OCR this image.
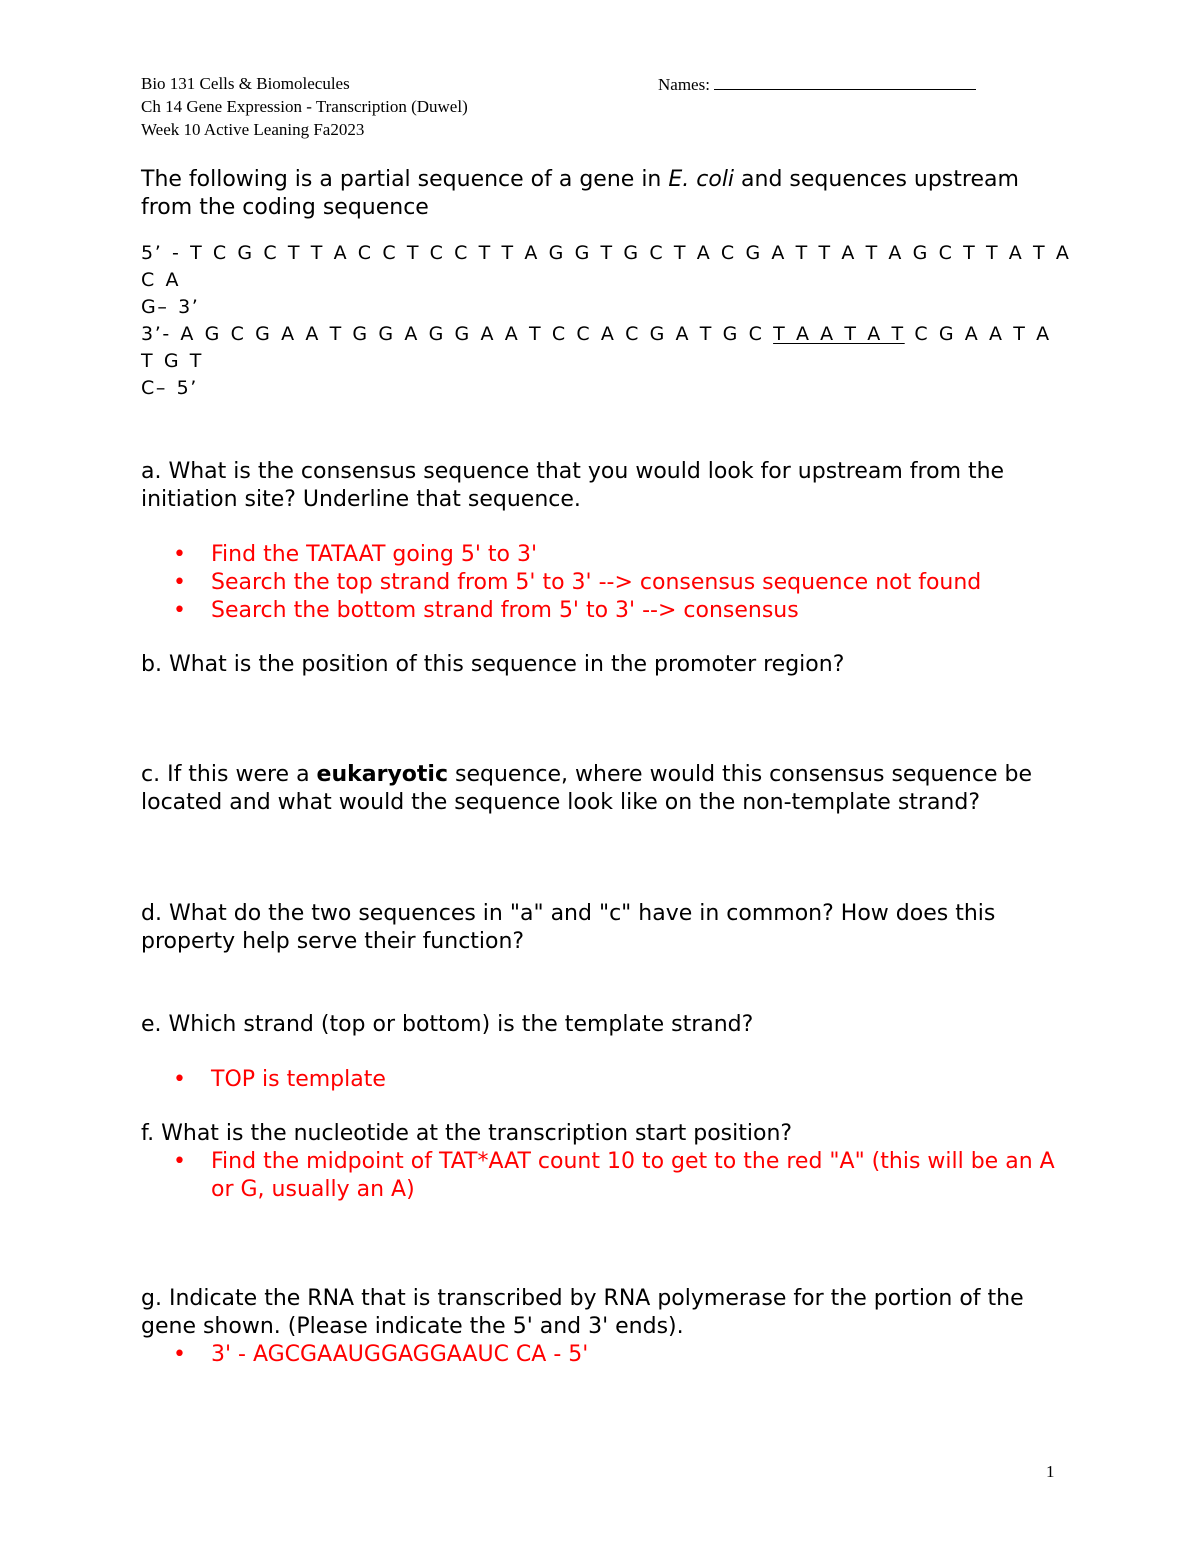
Bio 131 Cells & Biomolecules
Ch 14 Gene Expression - Transcription (Duwel)
Week 10 Active Leaning Fa2023
Names:

The following is a partial sequence of a gene in E. coli and sequences upstream from the coding sequence

5’ - T C G C T T A C C T C C T T A G G T G C T A C G A T T A T A G C T T A T A C A
G– 3’
3’- A G C G A A T G G A G G A A T C C A C G A T G C T A A T A T C G A A T A T G T
C– 5’

a. What is the consensus sequence that you would look for upstream from the initiation site? Underline that sequence.

• Find the TATAAT going 5' to 3'
• Search the top strand from 5' to 3' --> consensus sequence not found
• Search the bottom strand from 5' to 3' --> consensus

b. What is the position of this sequence in the promoter region?

c. If this were a eukaryotic sequence, where would this consensus sequence be located and what would the sequence look like on the non-template strand?

d. What do the two sequences in "a" and "c" have in common? How does this property help serve their function?

e. Which strand (top or bottom) is the template strand?

• TOP is template

f. What is the nucleotide at the transcription start position?

• Find the midpoint of TAT*AAT count 10 to get to the red "A" (this will be an A or G, usually an A)

g. Indicate the RNA that is transcribed by RNA polymerase for the portion of the gene shown. (Please indicate the 5' and 3' ends).

• 3' - AGCGAAUGGAGGAAUC CA - 5'
1
